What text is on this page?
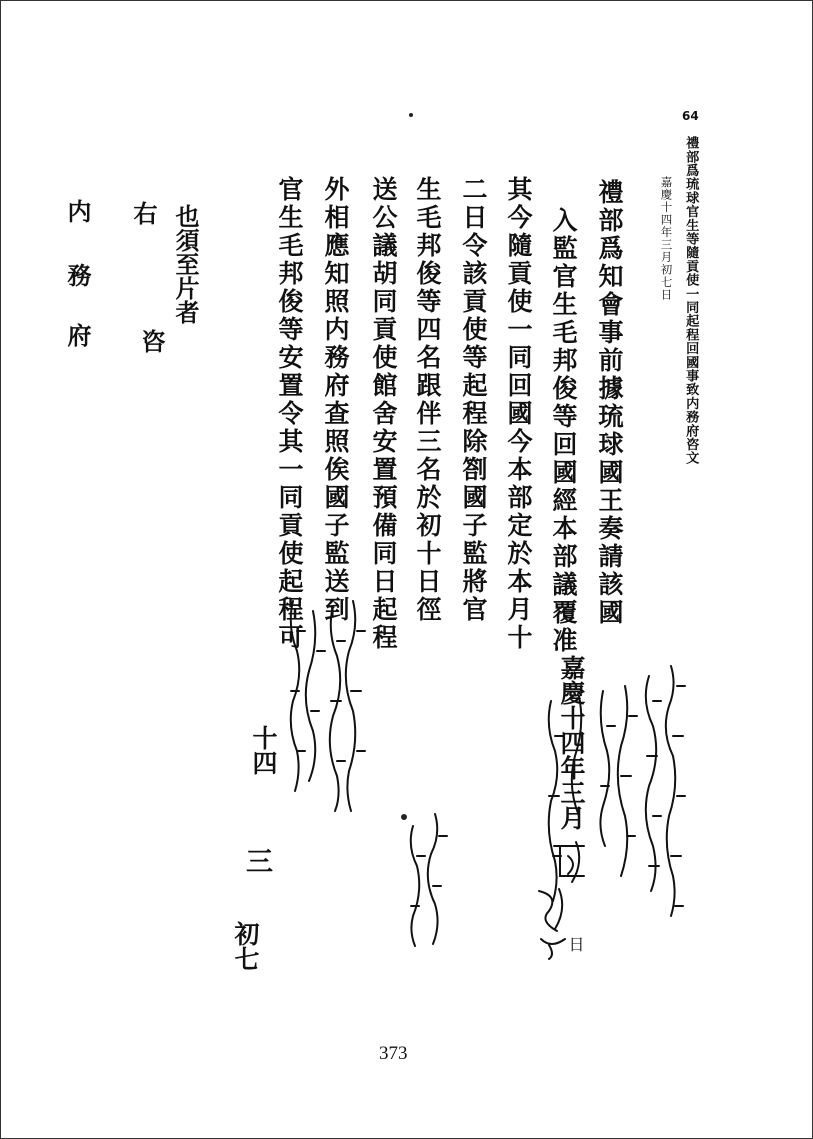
64
禮部爲琉球官生等隨貢使一同起程回國事致内務府咨文
嘉慶十四年三月初七日
禮部爲知會事前據琉球國王奏請該國
入監官生毛邦俊等回國經本部議覆准
其今隨貢使一同回國今本部定於本月十
二日令該貢使等起程除劄國子監將官
生毛邦俊等四名跟伴三名於初十日徑
送公議胡同貢使館舍安置預備同日起程
外相應知照内務府查照俟國子監送到
官生毛邦俊等安置令其一同貢使起程可
也須至片者
右
咨
内
務
府
嘉慶十四年三月
日
十四
三
初七
373
